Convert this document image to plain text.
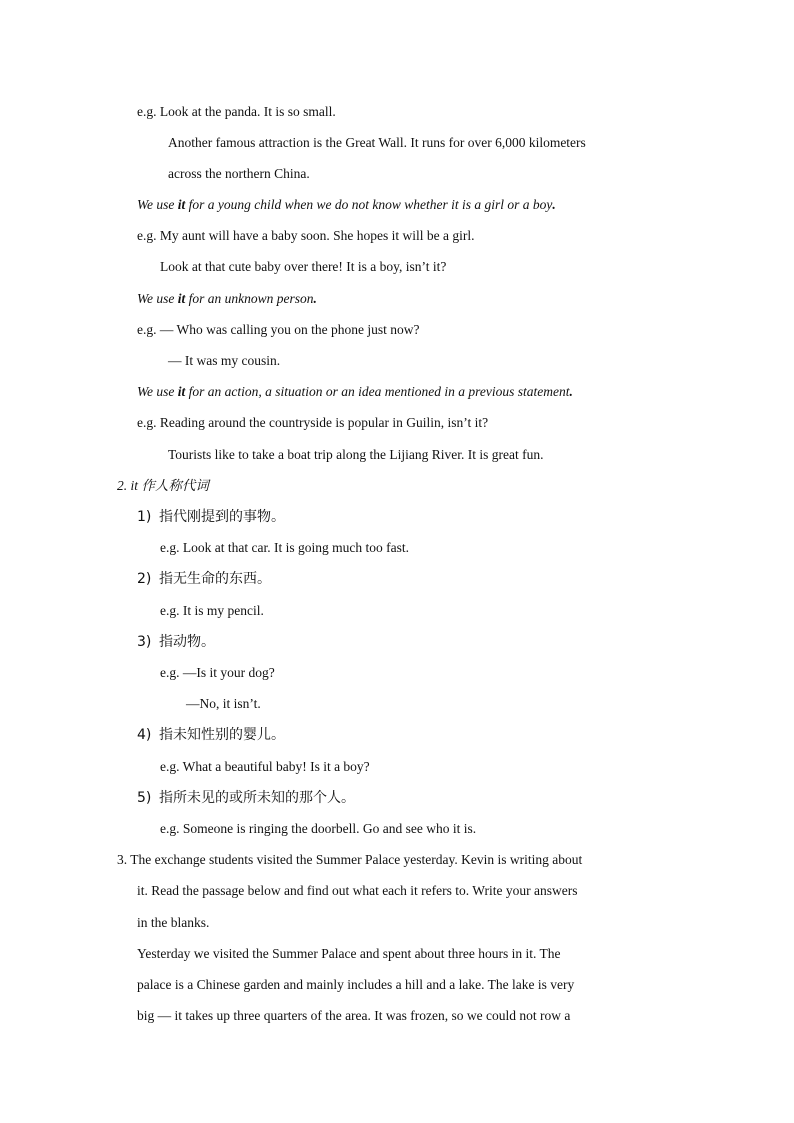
e.g. Look at the panda. It is so small.
Another famous attraction is the Great Wall. It runs for over 6,000 kilometers
across the northern China.
We use it for a young child when we do not know whether it is a girl or a boy.
e.g. My aunt will have a baby soon. She hopes it will be a girl.
Look at that cute baby over there! It is a boy, isn’t it?
We use it for an unknown person.
e.g. — Who was calling you on the phone just now?
— It was my cousin.
We use it for an action, a situation or an idea mentioned in a previous statement.
e.g. Reading around the countryside is popular in Guilin, isn’t it?
Tourists like to take a boat trip along the Lijiang River. It is great fun.
2. it 作人称代词
1) 指代刚提到的事物。
e.g. Look at that car. It is going much too fast.
2) 指无生命的东西。
e.g. It is my pencil.
3) 指动物。
e.g. —Is it your dog?
—No, it isn’t.
4) 指未知性别的婴儿。
e.g. What a beautiful baby! Is it a boy?
5) 指所未见的或所未知的那个人。
e.g. Someone is ringing the doorbell. Go and see who it is.
3. The exchange students visited the Summer Palace yesterday. Kevin is writing about
it. Read the passage below and find out what each it refers to. Write your answers
in the blanks.
Yesterday we visited the Summer Palace and spent about three hours in it. The
palace is a Chinese garden and mainly includes a hill and a lake. The lake is very
big — it takes up three quarters of the area. It was frozen, so we could not row a
